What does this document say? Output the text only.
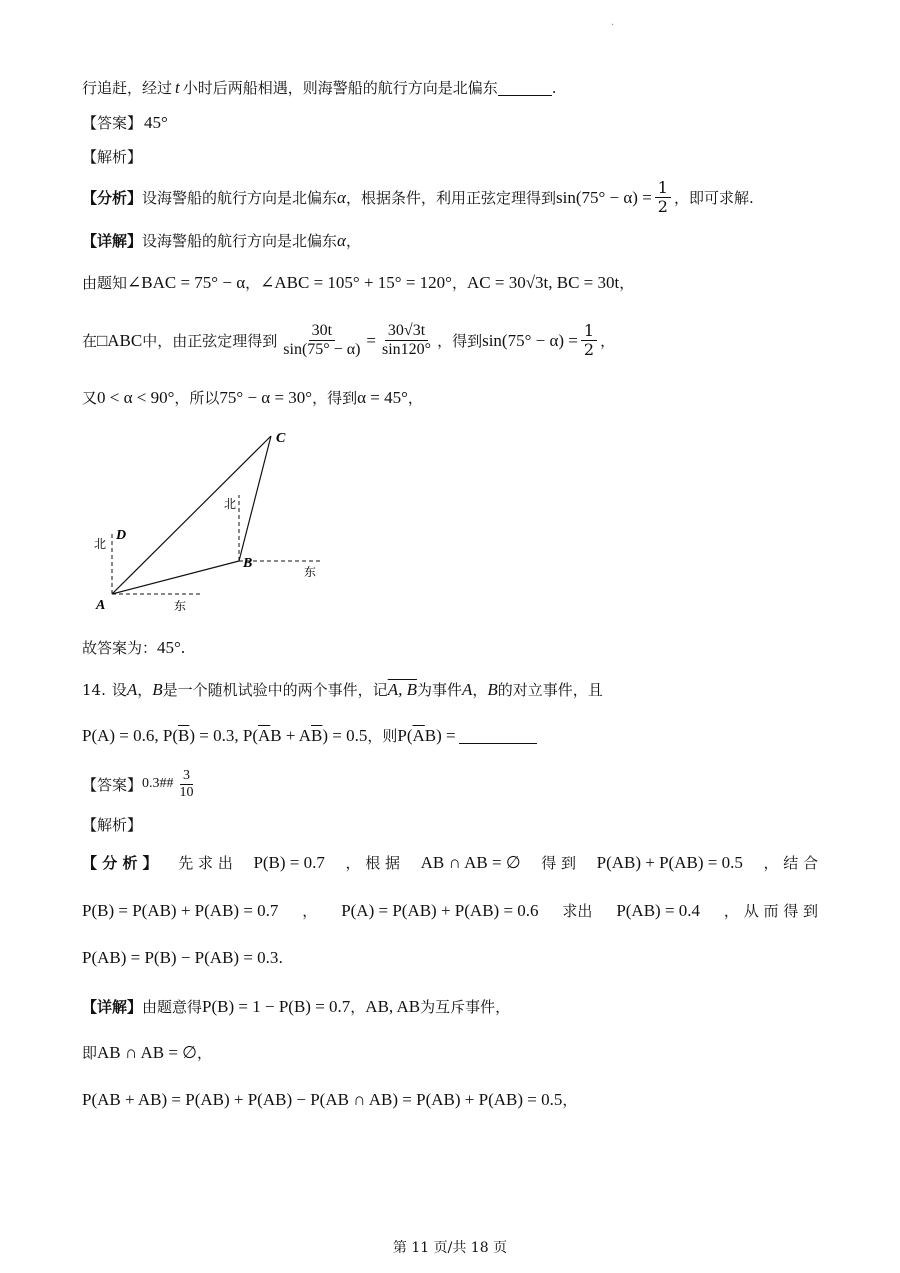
·
行追赶，经过 t 小时后两船相遇，则海警船的航行方向是北偏东	.
【答案】 45°
【解析】
【分析】 设海警船的航行方向是北偏东 α ，根据条件，利用正弦定理得到 $\sin(75^\circ - \alpha) = \frac{1}{2}$ ，即可求解.
【详解】 设海警船的航行方向是北偏东 α ，
由题知 ∠BAC = 75° − α ， ∠ABC = 105° + 15° = 120° ， AC = 30√3t, BC = 30t ，
在 □ABC 中，由正弦定理得到 $\frac{30t}{\sin(75^\circ - \alpha)} = \frac{30√3t}{\sin 120^\circ}$ ，得到 $\sin(75^\circ - \alpha) = \frac{1}{2}$ ，
又 0 < α < 90° ，所以 75° − α = 30° ，得到 α = 45° ，
C
D
B
A
北
北
东
东
故答案为： 45°.
14. 设 A ， B 是一个随机试验中的两个事件，记 A, B 为事件 A ， B 的对立事件，且
P(A) = 0.6, P( $\overline{B}$ ) = 0.3, P( $\overline{A}$ B + A $\overline{B}$ ) = 0.5 ，则 P( $\overline{A}$ B) =
【答案】 0.3## $\frac{3}{10}$
【解析】
【 分 析 】 先 求 出 P(B) = 0.7 ， 根 据 AB ∩ AB = ∅ 得 到 P(AB) + P(AB) = 0.5 ， 结 合
P(B) = P(AB) + P(AB) = 0.7 ， P(A) = P(AB) + P(AB) = 0.6 求出 P(AB) = 0.4 ， 从 而 得 到
P(AB) = P(B) − P(AB) = 0.3 .
【详解】 由题意得 P(B) = 1 − P(B) = 0.7 ， AB, AB 为互斥事件，
即 AB ∩ AB = ∅ ，
P(AB + AB) = P(AB) + P(AB) − P(AB ∩ AB) = P(AB) + P(AB) = 0.5 ，
第 11 页/共 18 页
